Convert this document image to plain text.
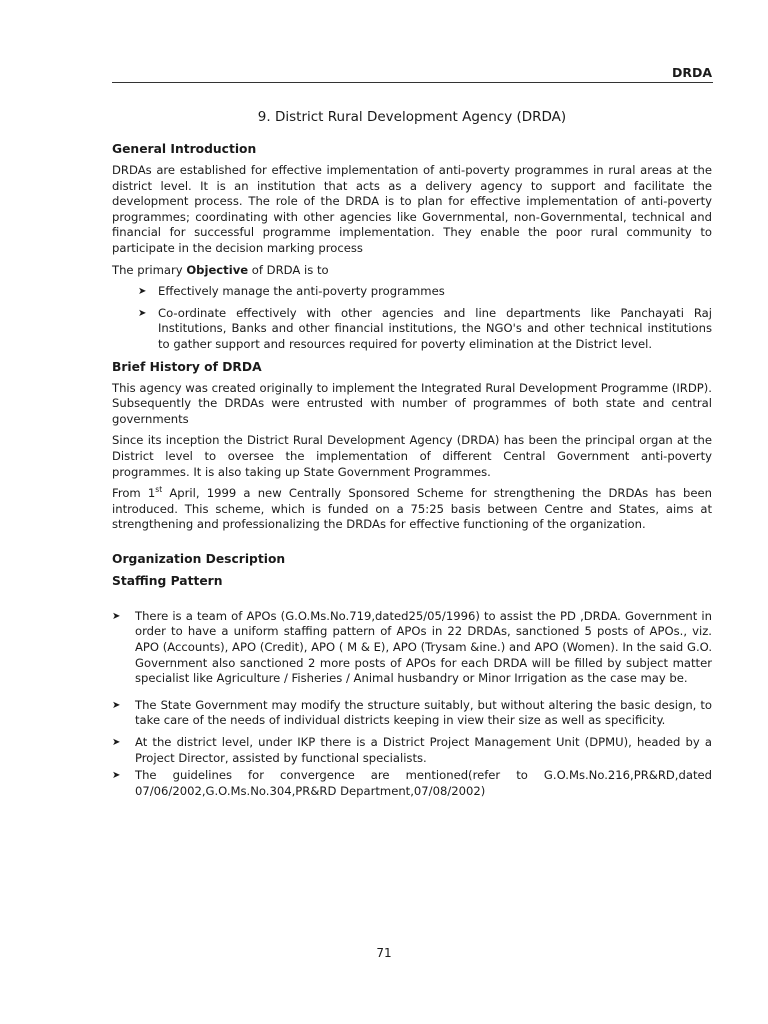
DRDA
9. District Rural Development Agency (DRDA)
General Introduction

DRDAs are established for effective implementation of anti-poverty programmes in rural areas at the district level. It is an institution that acts as a delivery agency to support and facilitate the development process. The role of the DRDA is to plan for effective implementation of anti-poverty programmes; coordinating with other agencies like Governmental, non-Governmental, technical and financial for successful programme implementation. They enable the poor rural community to participate in the decision marking process

The primary Objective of DRDA is to

➤ Effectively manage the anti-poverty programmes
➤ Co-ordinate effectively with other agencies and line departments like Panchayati Raj Institutions, Banks and other financial institutions, the NGO's and other technical institutions to gather support and resources required for poverty elimination at the District level.
Brief History of DRDA

This agency was created originally to implement the Integrated Rural Development Programme (IRDP). Subsequently the DRDAs were entrusted with number of programmes of both state and central governments

Since its inception the District Rural Development Agency (DRDA) has been the principal organ at the District level to oversee the implementation of different Central Government anti-poverty programmes. It is also taking up State Government Programmes.

From 1st April, 1999 a new Centrally Sponsored Scheme for strengthening the DRDAs has been introduced. This scheme, which is funded on a 75:25 basis between Centre and States, aims at strengthening and professionalizing the DRDAs for effective functioning of the organization.

Organization Description
Staffing Pattern
➤ There is a team of APOs (G.O.Ms.No.719,dated25/05/1996) to assist the PD ,DRDA. Government in order to have a uniform staffing pattern of APOs in 22 DRDAs, sanctioned 5 posts of APOs., viz. APO (Accounts), APO (Credit), APO ( M & E), APO (Trysam &ine.) and APO (Women). In the said G.O. Government also sanctioned 2 more posts of APOs for each DRDA will be filled by subject matter specialist like Agriculture / Fisheries / Animal husbandry or Minor Irrigation as the case may be.
➤ The State Government may modify the structure suitably, but without altering the basic design, to take care of the needs of individual districts keeping in view their size as well as specificity.
➤ At the district level, under IKP there is a District Project Management Unit (DPMU), headed by a Project Director, assisted by functional specialists.
➤ The guidelines for convergence are mentioned(refer to G.O.Ms.No.216,PR&RD,dated 07/06/2002,G.O.Ms.No.304,PR&RD Department,07/08/2002)
71
